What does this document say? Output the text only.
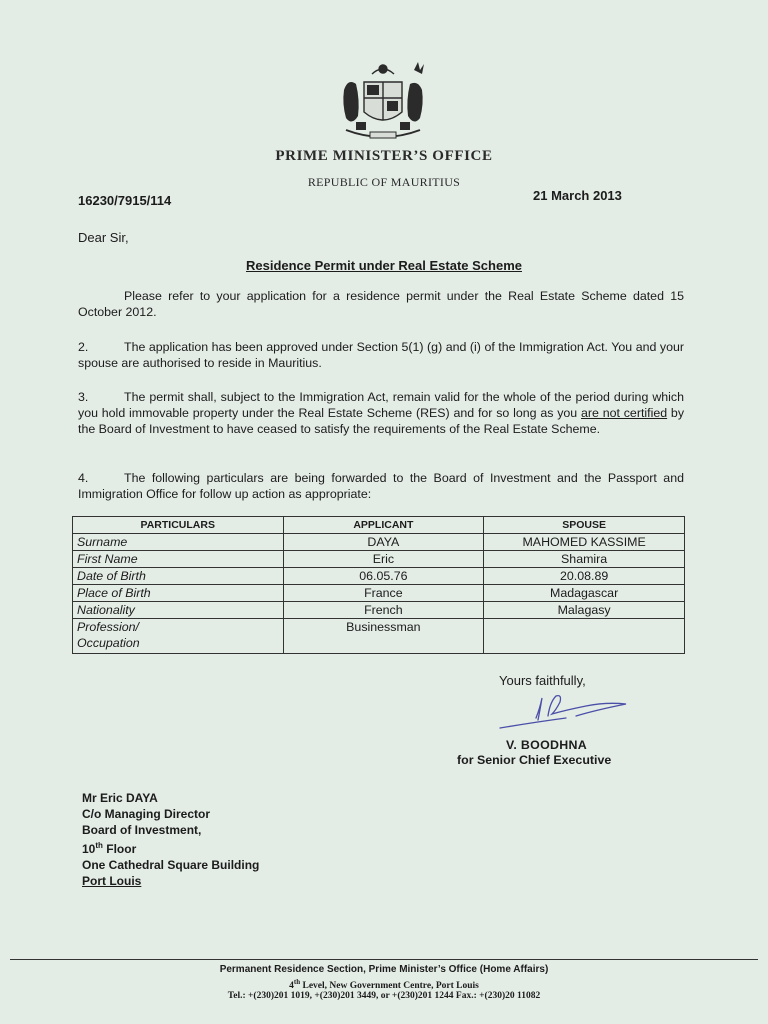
PRIME MINISTER’S OFFICE
REPUBLIC OF MAURITIUS
16230/7915/114	21 March 2013
Dear Sir,
Residence Permit under Real Estate Scheme
Please refer to your application for a residence permit under the Real Estate Scheme dated 15 October 2012.
2.	The application has been approved under Section 5(1) (g) and (i) of the Immigration Act. You and your spouse are authorised to reside in Mauritius.
3.	The permit shall, subject to the Immigration Act, remain valid for the whole of the period during which you hold immovable property under the Real Estate Scheme (RES) and for so long as you are not certified by the Board of Investment to have ceased to satisfy the requirements of the Real Estate Scheme.
4.	The following particulars are being forwarded to the Board of Investment and the Passport and Immigration Office for follow up action as appropriate:
PARTICULARS	APPLICANT	SPOUSE
Surname	DAYA	MAHOMED KASSIME
First Name	Eric	Shamira
Date of Birth	06.05.76	20.08.89
Place of Birth	France	Madagascar
Nationality	French	Malagasy
Profession/
Occupation	Businessman	
Yours faithfully,
V. BOODHNA
for Senior Chief Executive
Mr Eric DAYA
C/o Managing Director
Board of Investment,
10th Floor
One Cathedral Square Building
Port Louis
Permanent Residence Section, Prime Minister’s Office (Home Affairs)
4th Level, New Government Centre, Port Louis
Tel.: +(230)201 1019, +(230)201 3449, or +(230)201 1244 Fax.: +(230)20 11082
